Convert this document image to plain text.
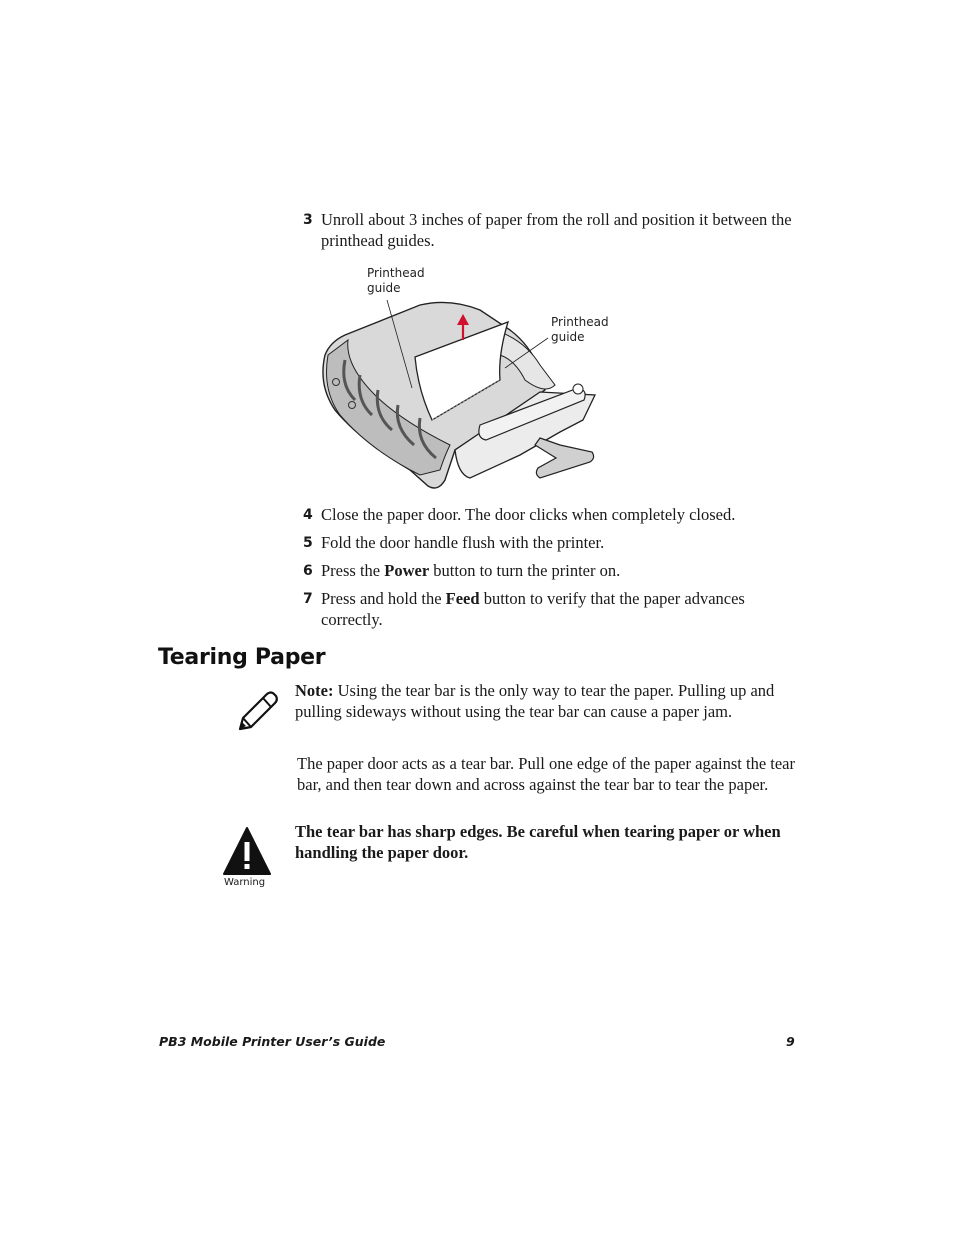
3 Unroll about 3 inches of paper from the roll and position it between the printhead guides.
Printhead
guide
Printhead
guide
4 Close the paper door. The door clicks when completely closed.
5 Fold the door handle flush with the printer.
6 Press the Power button to turn the printer on.
7 Press and hold the Feed button to verify that the paper advances correctly.
Tearing Paper
Note: Using the tear bar is the only way to tear the paper. Pulling up and pulling sideways without using the tear bar can cause a paper jam.
The paper door acts as a tear bar. Pull one edge of the paper against the tear bar, and then tear down and across against the tear bar to tear the paper.
Warning
The tear bar has sharp edges. Be careful when tearing paper or when handling the paper door.
PB3 Mobile Printer User’s Guide	9
